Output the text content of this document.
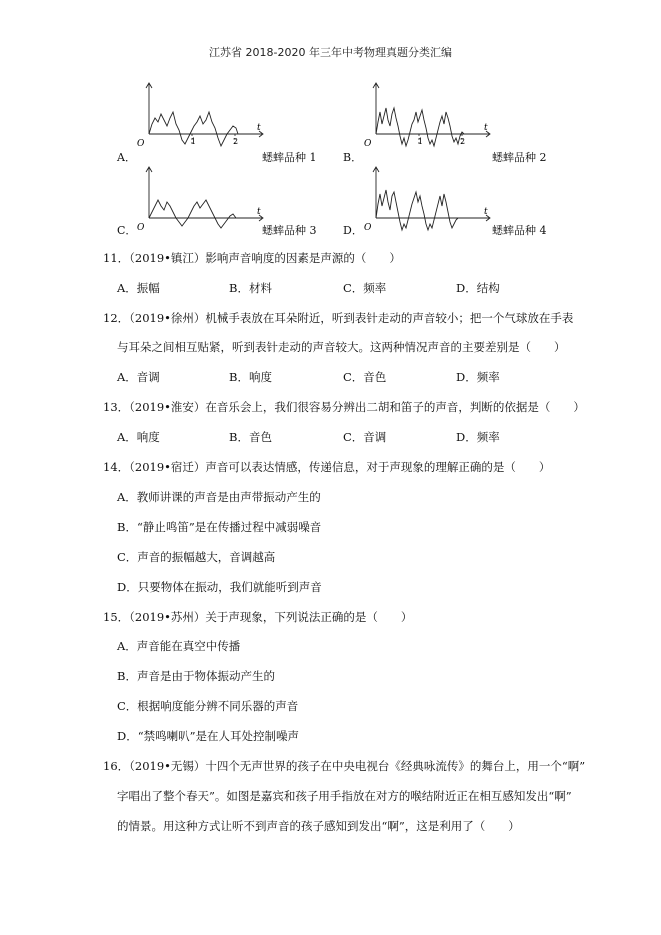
江苏省 2018-2020 年三年中考物理真题分类汇编
O
t
1	2
A．	蟋蟀品种 1
O
t
1	2
B．	蟋蟀品种 2
O
t
C．	蟋蟀品种 3	O
t
D．	蟋蟀品种 4
11．（2019•镇江）影响声音响度的因素是声源的（　　）
A．振幅	B．材料	C．频率	D．结构
12．（2019•徐州）机械手表放在耳朵附近，听到表针走动的声音较小；把一个气球放在手表
与耳朵之间相互贴紧，听到表针走动的声音较大。这两种情况声音的主要差别是（　　）
A．音调	B．响度	C．音色	D．频率
13．（2019•淮安）在音乐会上，我们很容易分辨出二胡和笛子的声音，判断的依据是（　　）
A．响度	B．音色	C．音调	D．频率
14．（2019•宿迁）声音可以表达情感，传递信息，对于声现象的理解正确的是（　　）
A．教师讲课的声音是由声带振动产生的
B．“静止鸣笛”是在传播过程中减弱噪音
C．声音的振幅越大，音调越高
D．只要物体在振动，我们就能听到声音
15．（2019•苏州）关于声现象，下列说法正确的是（　　）
A．声音能在真空中传播
B．声音是由于物体振动产生的
C．根据响度能分辨不同乐器的声音
D．“禁鸣喇叭”是在人耳处控制噪声
16．（2019•无锡）十四个无声世界的孩子在中央电视台《经典咏流传》的舞台上，用一个“啊”
字唱出了整个春天”。如图是嘉宾和孩子用手指放在对方的喉结附近正在相互感知发出“啊”
的情景。用这种方式让听不到声音的孩子感知到发出“啊”，这是利用了（　　）
